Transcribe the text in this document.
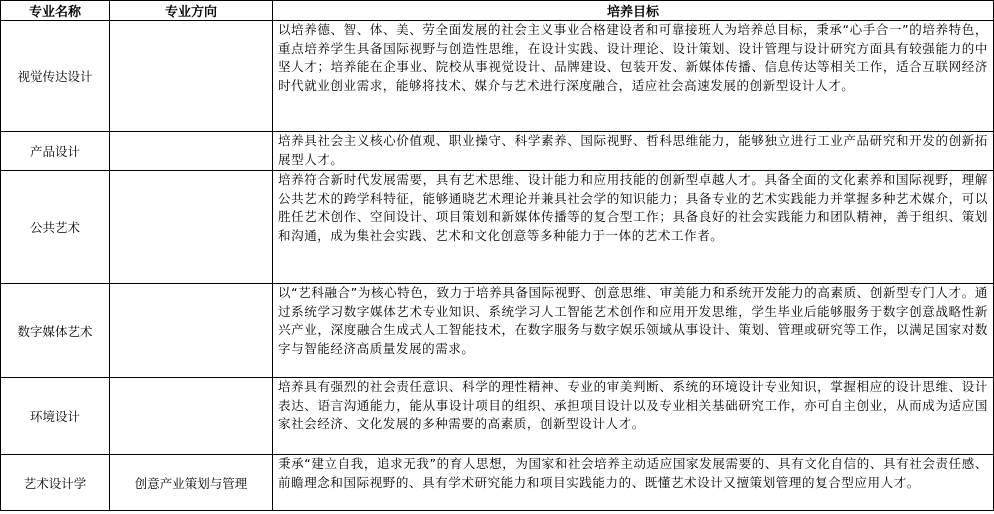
专业名称	专业方向	培养目标
视觉传达设计		以培养德、智、体、美、劳全面发展的社会主义事业合格建设者和可靠接班人为培养总目标，秉承“心手合一”的培养特色，重点培养学生具备国际视野与创造性思维，在设计实践、设计理论、设计策划、设计管理与设计研究方面具有较强能力的中坚人才；培养能在企事业、院校从事视觉设计、品牌建设、包装开发、新媒体传播、信息传达等相关工作，适合互联网经济时代就业创业需求，能够将技术、媒介与艺术进行深度融合，适应社会高速发展的创新型设计人才。
产品设计		培养具社会主义核心价值观、职业操守、科学素养、国际视野、哲科思维能力，能够独立进行工业产品研究和开发的创新拓展型人才。
公共艺术		培养符合新时代发展需要，具有艺术思维、设计能力和应用技能的创新型卓越人才。具备全面的文化素养和国际视野，理解公共艺术的跨学科特征，能够通晓艺术理论并兼具社会学的知识能力；具备专业的艺术实践能力并掌握多种艺术媒介，可以胜任艺术创作、空间设计、项目策划和新媒体传播等的复合型工作；具备良好的社会实践能力和团队精神，善于组织、策划和沟通，成为集社会实践、艺术和文化创意等多种能力于一体的艺术工作者。
数字媒体艺术		以“艺科融合”为核心特色，致力于培养具备国际视野、创意思维、审美能力和系统开发能力的高素质、创新型专门人才。通过系统学习数字媒体艺术专业知识、系统学习人工智能艺术创作和应用开发思维，学生毕业后能够服务于数字创意战略性新兴产业，深度融合生成式人工智能技术，在数字服务与数字娱乐领域从事设计、策划、管理或研究等工作，以满足国家对数字与智能经济高质量发展的需求。
环境设计		培养具有强烈的社会责任意识、科学的理性精神、专业的审美判断、系统的环境设计专业知识，掌握相应的设计思维、设计表达、语言沟通能力，能从事设计项目的组织、承担项目设计以及专业相关基础研究工作，亦可自主创业，从而成为适应国家社会经济、文化发展的多种需要的高素质，创新型设计人才。
艺术设计学	创意产业策划与管理	秉承“建立自我，追求无我”的育人思想，为国家和社会培养主动适应国家发展需要的、具有文化自信的、具有社会责任感、前瞻理念和国际视野的、具有学术研究能力和项目实践能力的、既懂艺术设计又擅策划管理的复合型应用人才。
